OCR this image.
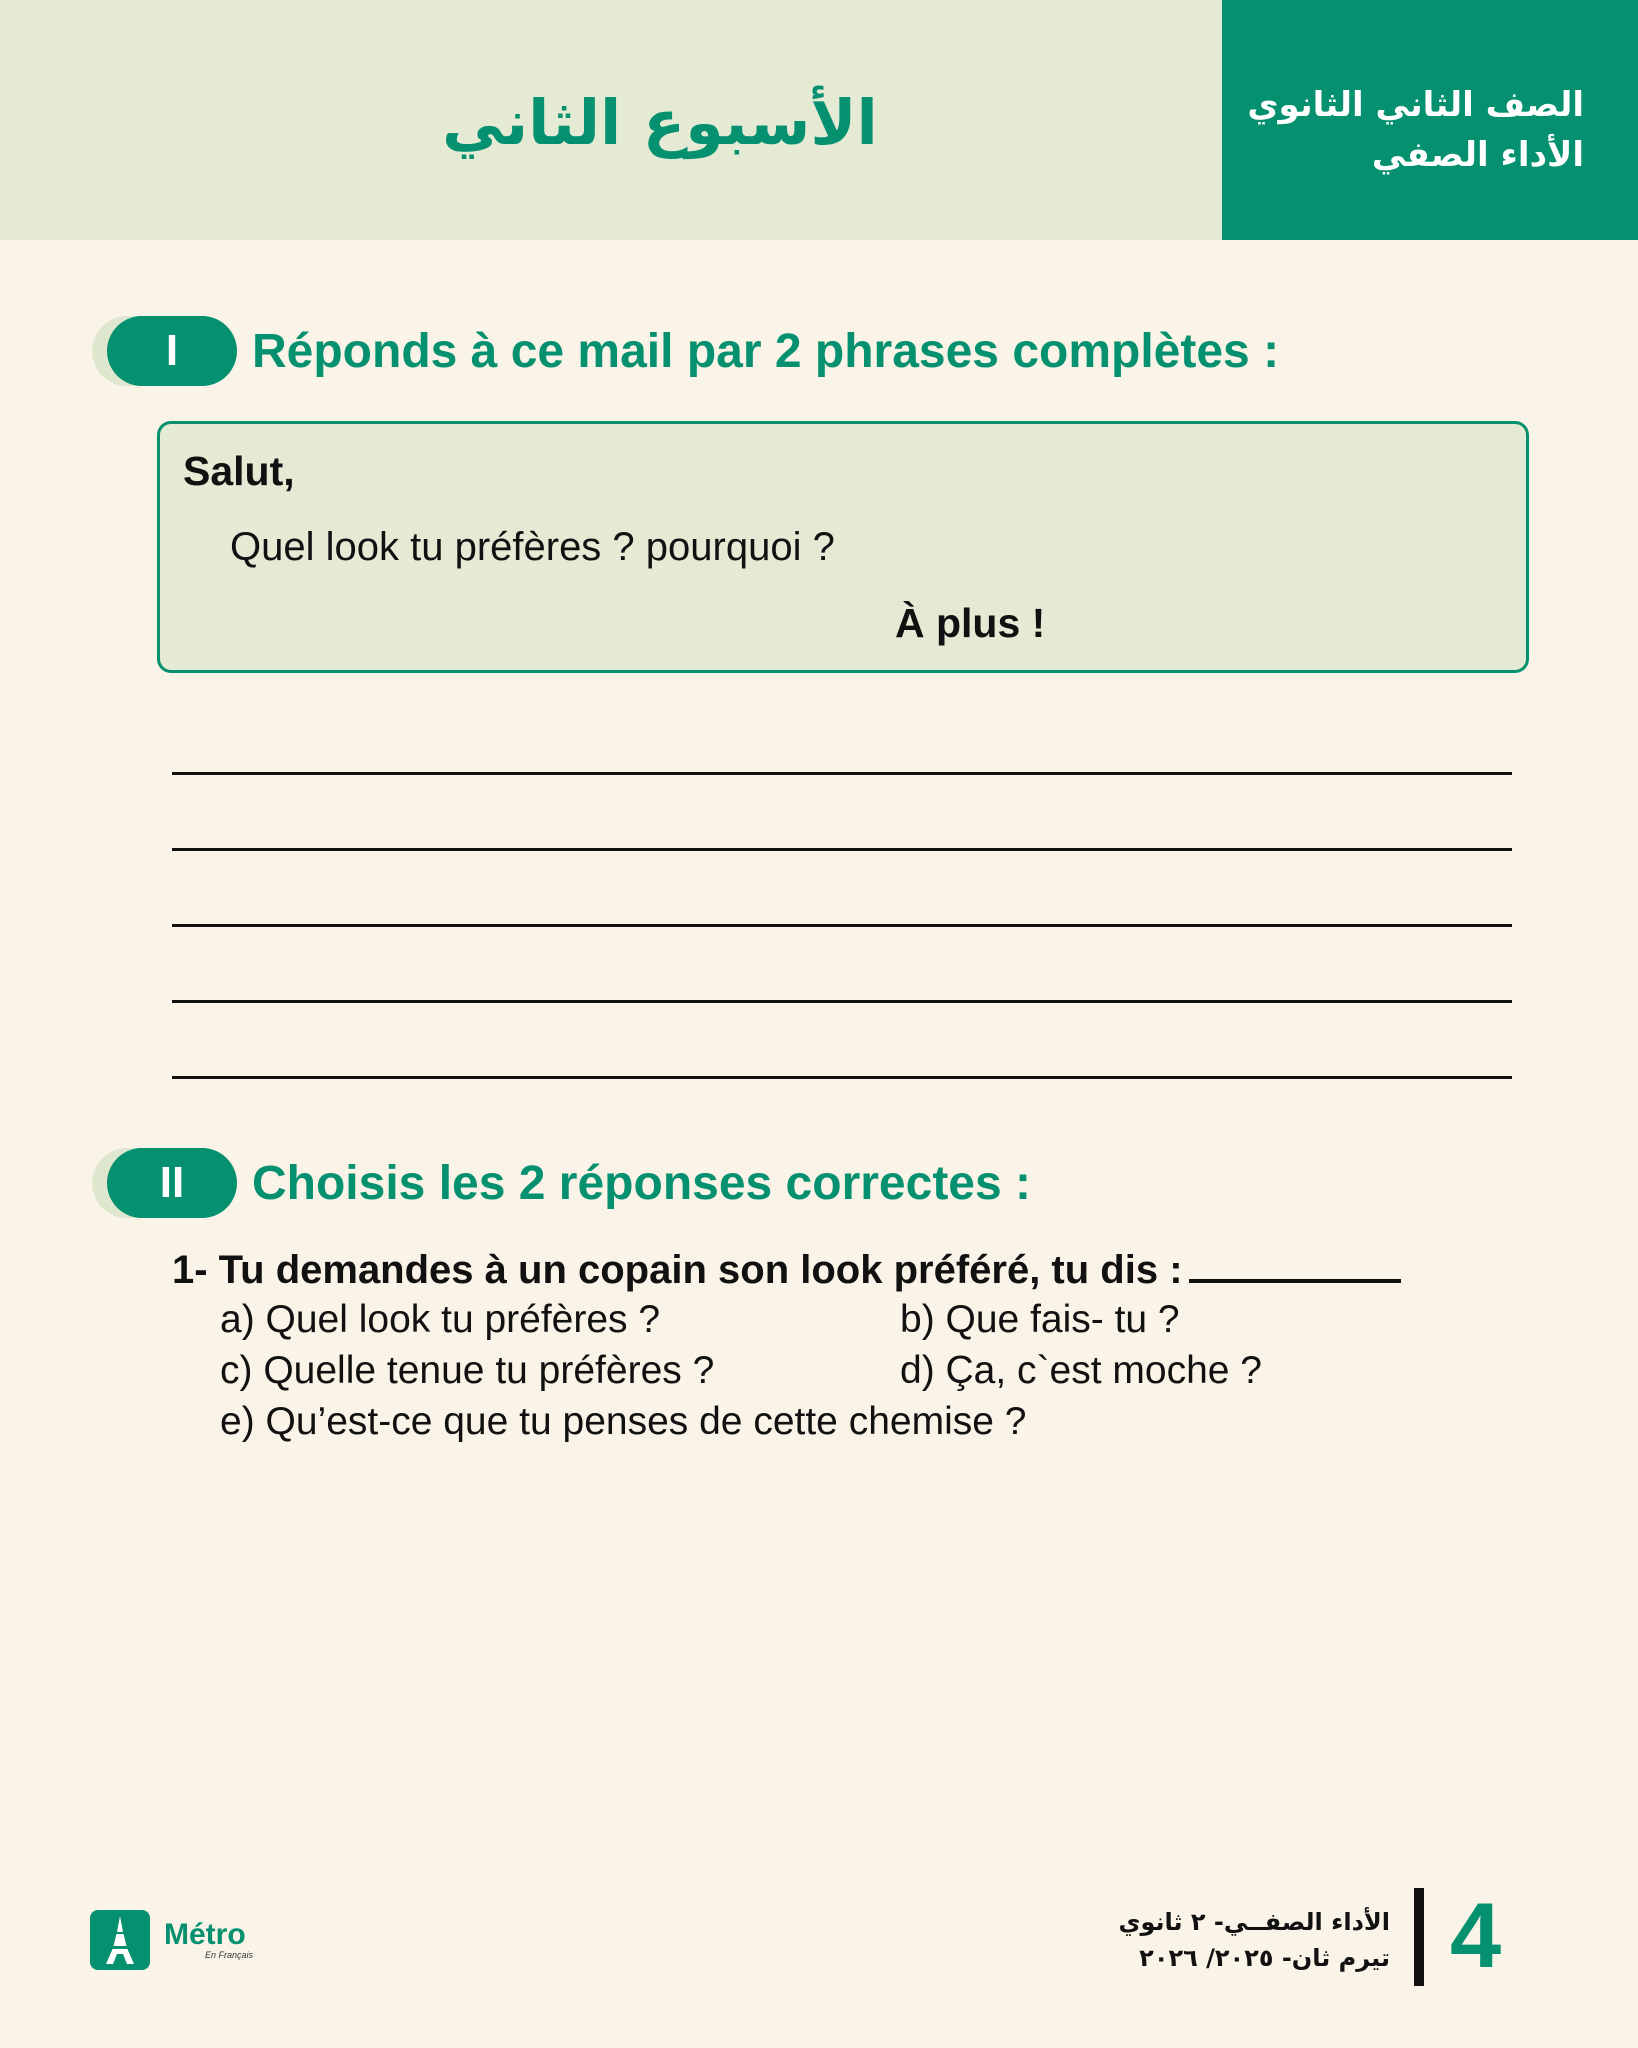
الأسبوع الثاني	الصف الثاني الثانوي
الأداء الصفي
I	Réponds à ce mail par 2 phrases complètes :
Salut,
Quel look tu préfères ? pourquoi ?
À plus !
II	Choisis les 2 réponses correctes :
1- Tu demandes à un copain son look préféré, tu dis :
a) Quel look tu préfères ?	b) Que fais- tu ?
c) Quelle tenue tu préfères ?	d) Ça, c`est moche ?
e) Qu’est-ce que tu penses de cette chemise ?
Métro
En Français
الأداء الصفــي- ٢ ثانوي
تيرم ثان- ٢٠٢٥/ ٢٠٢٦ 4
